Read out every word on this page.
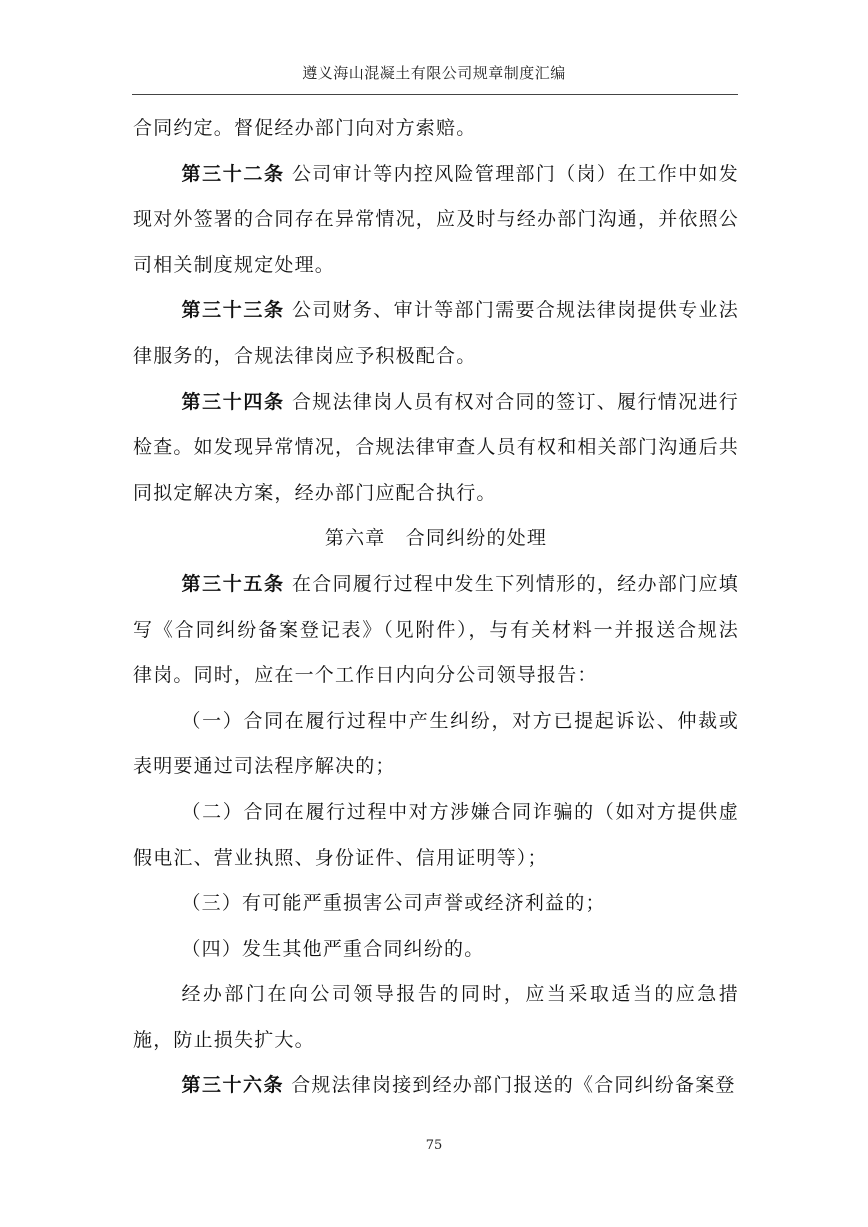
遵义海山混凝土有限公司规章制度汇编

合同约定。督促经办部门向对方索赔。

第三十二条 公司审计等内控风险管理部门（岗）在工作中如发现对外签署的合同存在异常情况，应及时与经办部门沟通，并依照公司相关制度规定处理。

第三十三条 公司财务、审计等部门需要合规法律岗提供专业法律服务的，合规法律岗应予积极配合。

第三十四条 合规法律岗人员有权对合同的签订、履行情况进行检查。如发现异常情况，合规法律审查人员有权和相关部门沟通后共同拟定解决方案，经办部门应配合执行。

第六章　合同纠纷的处理

第三十五条 在合同履行过程中发生下列情形的，经办部门应填写《合同纠纷备案登记表》（见附件），与有关材料一并报送合规法律岗。同时，应在一个工作日内向分公司领导报告：

（一）合同在履行过程中产生纠纷，对方已提起诉讼、仲裁或表明要通过司法程序解决的；

（二）合同在履行过程中对方涉嫌合同诈骗的（如对方提供虚假电汇、营业执照、身份证件、信用证明等）；

（三）有可能严重损害公司声誉或经济利益的；

（四）发生其他严重合同纠纷的。

经办部门在向公司领导报告的同时，应当采取适当的应急措施，防止损失扩大。

第三十六条 合规法律岗接到经办部门报送的《合同纠纷备案登

75
